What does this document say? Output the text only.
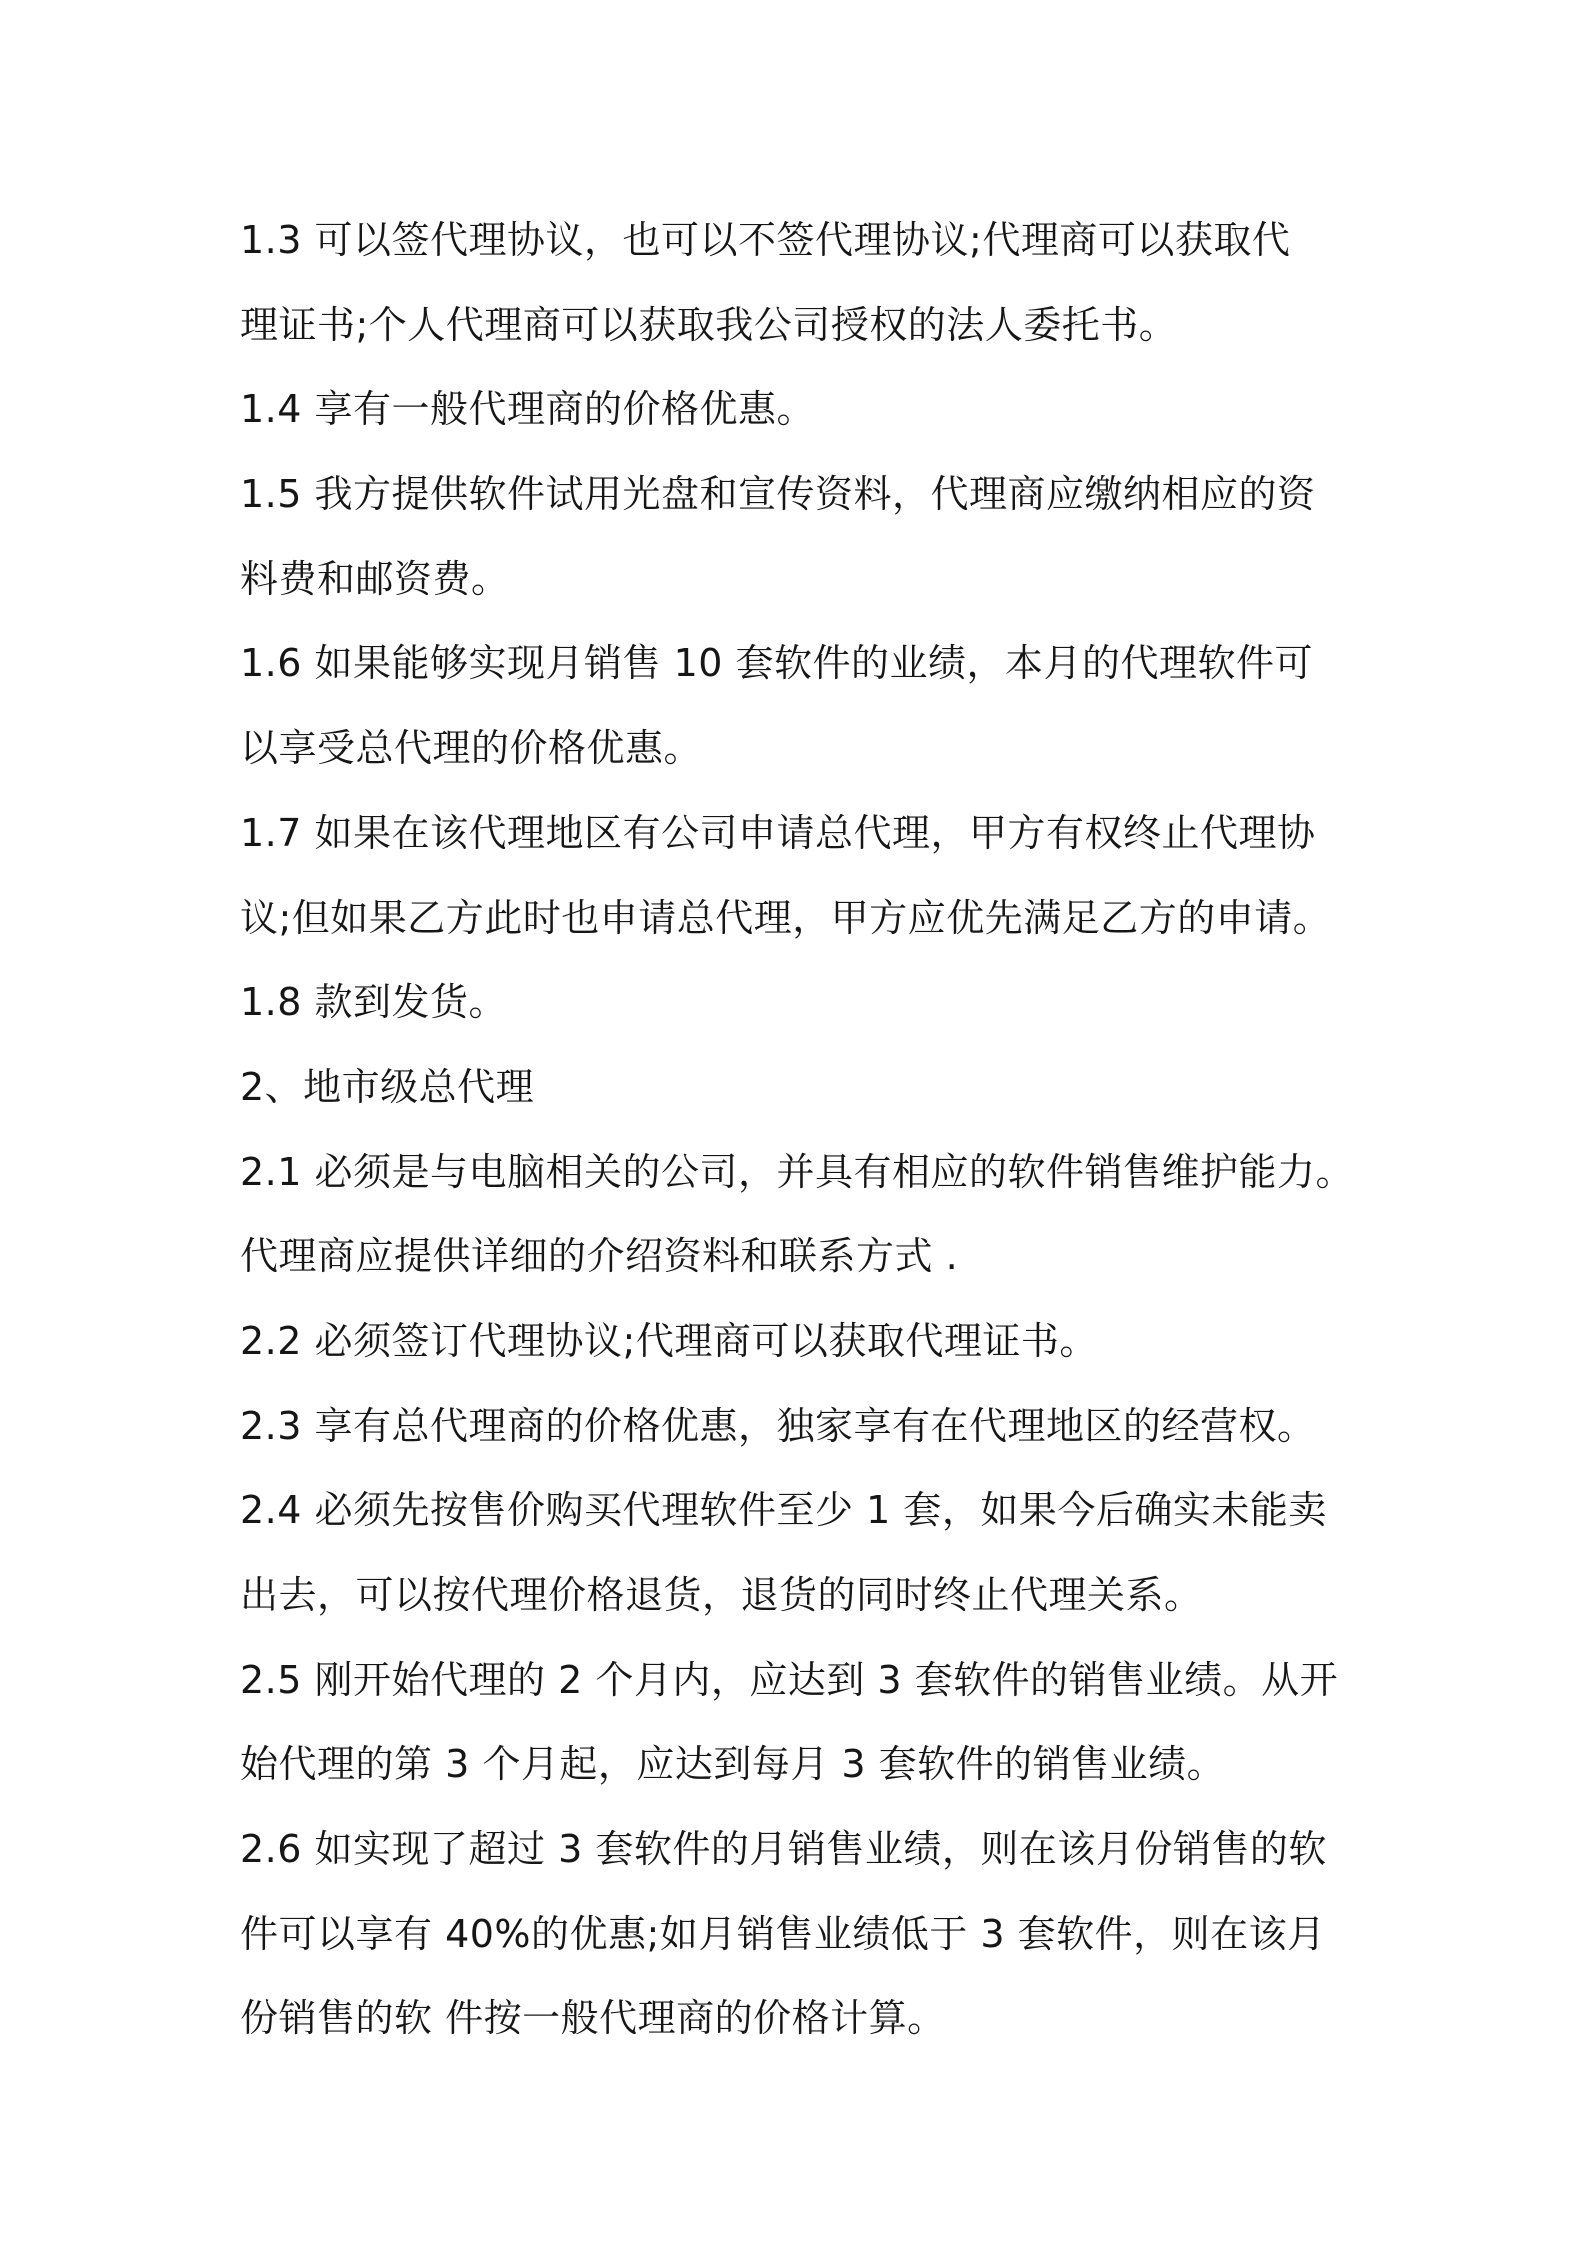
1.3 可以签代理协议，也可以不签代理协议;代理商可以获取代
理证书;个人代理商可以获取我公司授权的法人委托书。
1.4 享有一般代理商的价格优惠。
1.5 我方提供软件试用光盘和宣传资料，代理商应缴纳相应的资
料费和邮资费。
1.6 如果能够实现月销售 10 套软件的业绩，本月的代理软件可
以享受总代理的价格优惠。
1.7 如果在该代理地区有公司申请总代理，甲方有权终止代理协
议;但如果乙方此时也申请总代理，甲方应优先满足乙方的申请。
1.8 款到发货。
2、地市级总代理
2.1 必须是与电脑相关的公司，并具有相应的软件销售维护能力。
代理商应提供详细的介绍资料和联系方式 .
2.2 必须签订代理协议;代理商可以获取代理证书。
2.3 享有总代理商的价格优惠，独家享有在代理地区的经营权。
2.4 必须先按售价购买代理软件至少 1 套，如果今后确实未能卖
出去，可以按代理价格退货，退货的同时终止代理关系。
2.5 刚开始代理的 2 个月内，应达到 3 套软件的销售业绩。从开
始代理的第 3 个月起，应达到每月 3 套软件的销售业绩。
2.6 如实现了超过 3 套软件的月销售业绩，则在该月份销售的软
件可以享有 40%的优惠;如月销售业绩低于 3 套软件，则在该月
份销售的软 件按一般代理商的价格计算。
